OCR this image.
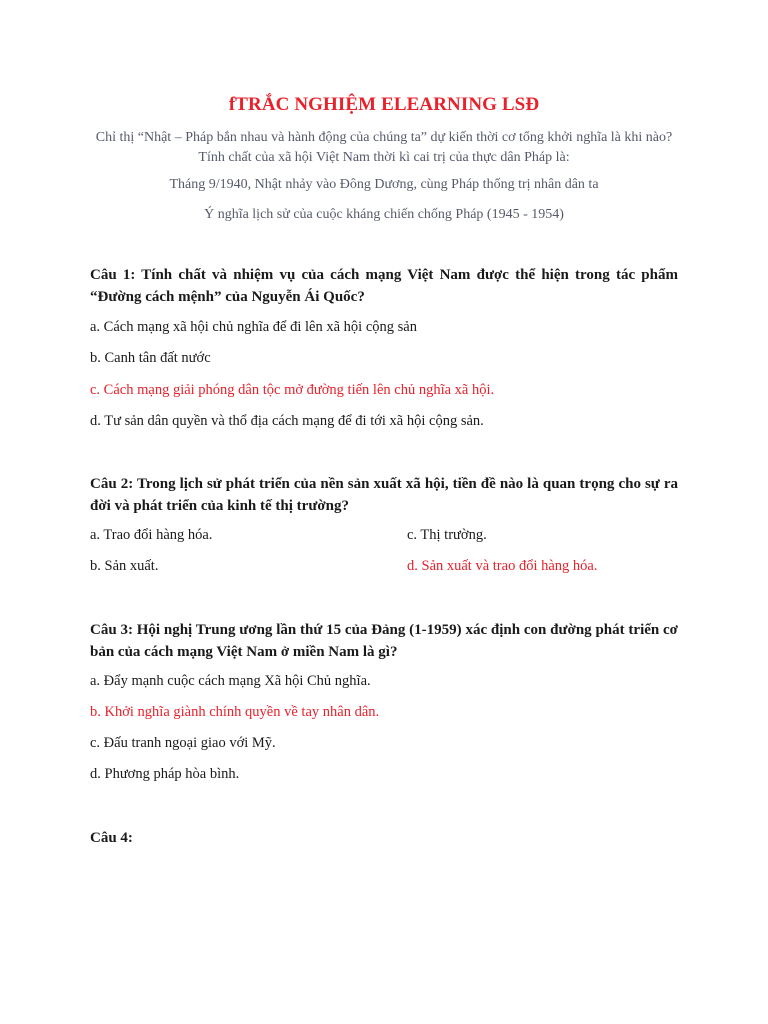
fTRẮC NGHIỆM ELEARNING LSĐ
Chỉ thị “Nhật – Pháp bắn nhau và hành động của chúng ta” dự kiến thời cơ tổng khởi nghĩa là khi nào? Tính chất của xã hội Việt Nam thời kì cai trị của thực dân Pháp là:
Tháng 9/1940, Nhật nhảy vào Đông Dương, cùng Pháp thống trị nhân dân ta
Ý nghĩa lịch sử của cuộc kháng chiến chống Pháp (1945 - 1954)
Câu 1: Tính chất và nhiệm vụ của cách mạng Việt Nam được thể hiện trong tác phẩm “Đường cách mệnh” của Nguyễn Ái Quốc?
a. Cách mạng xã hội chủ nghĩa để đi lên xã hội cộng sản
b. Canh tân đất nước
c. Cách mạng giải phóng dân tộc mở đường tiến lên chủ nghĩa xã hội.
d. Tư sản dân quyền và thổ địa cách mạng để đi tới xã hội cộng sản.
Câu 2: Trong lịch sử phát triển của nền sản xuất xã hội, tiền đề nào là quan trọng cho sự ra đời và phát triển của kinh tế thị trường?
a. Trao đổi hàng hóa.	c. Thị trường.
b. Sản xuất.	d. Sản xuất và trao đổi hàng hóa.
Câu 3: Hội nghị Trung ương lần thứ 15 của Đảng (1-1959) xác định con đường phát triển cơ bản của cách mạng Việt Nam ở miền Nam là gì?
a. Đẩy mạnh cuộc cách mạng Xã hội Chủ nghĩa.
b. Khởi nghĩa giành chính quyền về tay nhân dân.
c. Đấu tranh ngoại giao với Mỹ.
d. Phương pháp hòa bình.
Câu 4:
